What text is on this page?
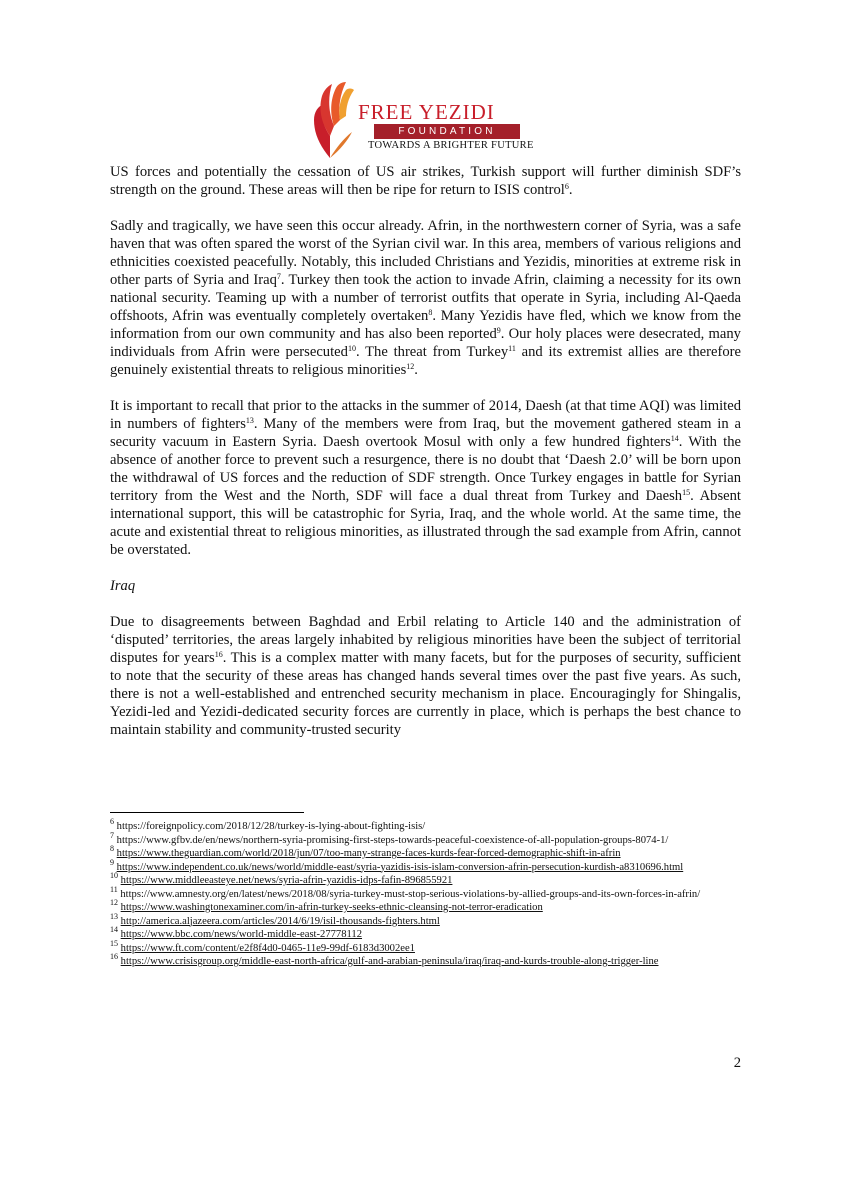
FREE YEZIDI
FOUNDATION
TOWARDS A BRIGHTER FUTURE

US forces and potentially the cessation of US air strikes, Turkish support will further diminish SDF’s strength on the ground. These areas will then be ripe for return to ISIS control$^6$.

Sadly and tragically, we have seen this occur already. Afrin, in the northwestern corner of Syria, was a safe haven that was often spared the worst of the Syrian civil war. In this area, members of various religions and ethnicities coexisted peacefully. Notably, this included Christians and Yezidis, minorities at extreme risk in other parts of Syria and Iraq$^7$. Turkey then took the action to invade Afrin, claiming a necessity for its own national security. Teaming up with a number of terrorist outfits that operate in Syria, including Al-Qaeda offshoots, Afrin was eventually completely overtaken$^8$. Many Yezidis have fled, which we know from the information from our own community and has also been reported$^9$. Our holy places were desecrated, many individuals from Afrin were persecuted$^{10}$. The threat from Turkey$^{11}$ and its extremist allies are therefore genuinely existential threats to religious minorities$^{12}$.

It is important to recall that prior to the attacks in the summer of 2014, Daesh (at that time AQI) was limited in numbers of fighters$^{13}$. Many of the members were from Iraq, but the movement gathered steam in a security vacuum in Eastern Syria. Daesh overtook Mosul with only a few hundred fighters$^{14}$. With the absence of another force to prevent such a resurgence, there is no doubt that ‘Daesh 2.0’ will be born upon the withdrawal of US forces and the reduction of SDF strength. Once Turkey engages in battle for Syrian territory from the West and the North, SDF will face a dual threat from Turkey and Daesh$^{15}$. Absent international support, this will be catastrophic for Syria, Iraq, and the whole world. At the same time, the acute and existential threat to religious minorities, as illustrated through the sad example from Afrin, cannot be overstated.

Iraq

Due to disagreements between Baghdad and Erbil relating to Article 140 and the administration of ‘disputed’ territories, the areas largely inhabited by religious minorities have been the subject of territorial disputes for years$^{16}$. This is a complex matter with many facets, but for the purposes of security, sufficient to note that the security of these areas has changed hands several times over the past five years. As such, there is not a well-established and entrenched security mechanism in place. Encouragingly for Shingalis, Yezidi-led and Yezidi-dedicated security forces are currently in place, which is perhaps the best chance to maintain stability and community-trusted security

$^6$ https://foreignpolicy.com/2018/12/28/turkey-is-lying-about-fighting-isis/

$^7$ https://www.gfbv.de/en/news/northern-syria-promising-first-steps-towards-peaceful-coexistence-of-all-population-groups-8074-1/

$^8$ https://www.theguardian.com/world/2018/jun/07/too-many-strange-faces-kurds-fear-forced-demographic-shift-in-afrin

$^9$ https://www.independent.co.uk/news/world/middle-east/syria-yazidis-isis-islam-conversion-afrin-persecution-kurdish-a8310696.html

$^{10}$ https://www.middleeasteye.net/news/syria-afrin-yazidis-idps-fafin-896855921

$^{11}$ https://www.amnesty.org/en/latest/news/2018/08/syria-turkey-must-stop-serious-violations-by-allied-groups-and-its-own-forces-in-afrin/

$^{12}$ https://www.washingtonexaminer.com/in-afrin-turkey-seeks-ethnic-cleansing-not-terror-eradication

$^{13}$ http://america.aljazeera.com/articles/2014/6/19/isil-thousands-fighters.html

$^{14}$ https://www.bbc.com/news/world-middle-east-27778112

$^{15}$ https://www.ft.com/content/e2f8f4d0-0465-11e9-99df-6183d3002ee1

$^{16}$ https://www.crisisgroup.org/middle-east-north-africa/gulf-and-arabian-peninsula/iraq/iraq-and-kurds-trouble-along-trigger-line

2
